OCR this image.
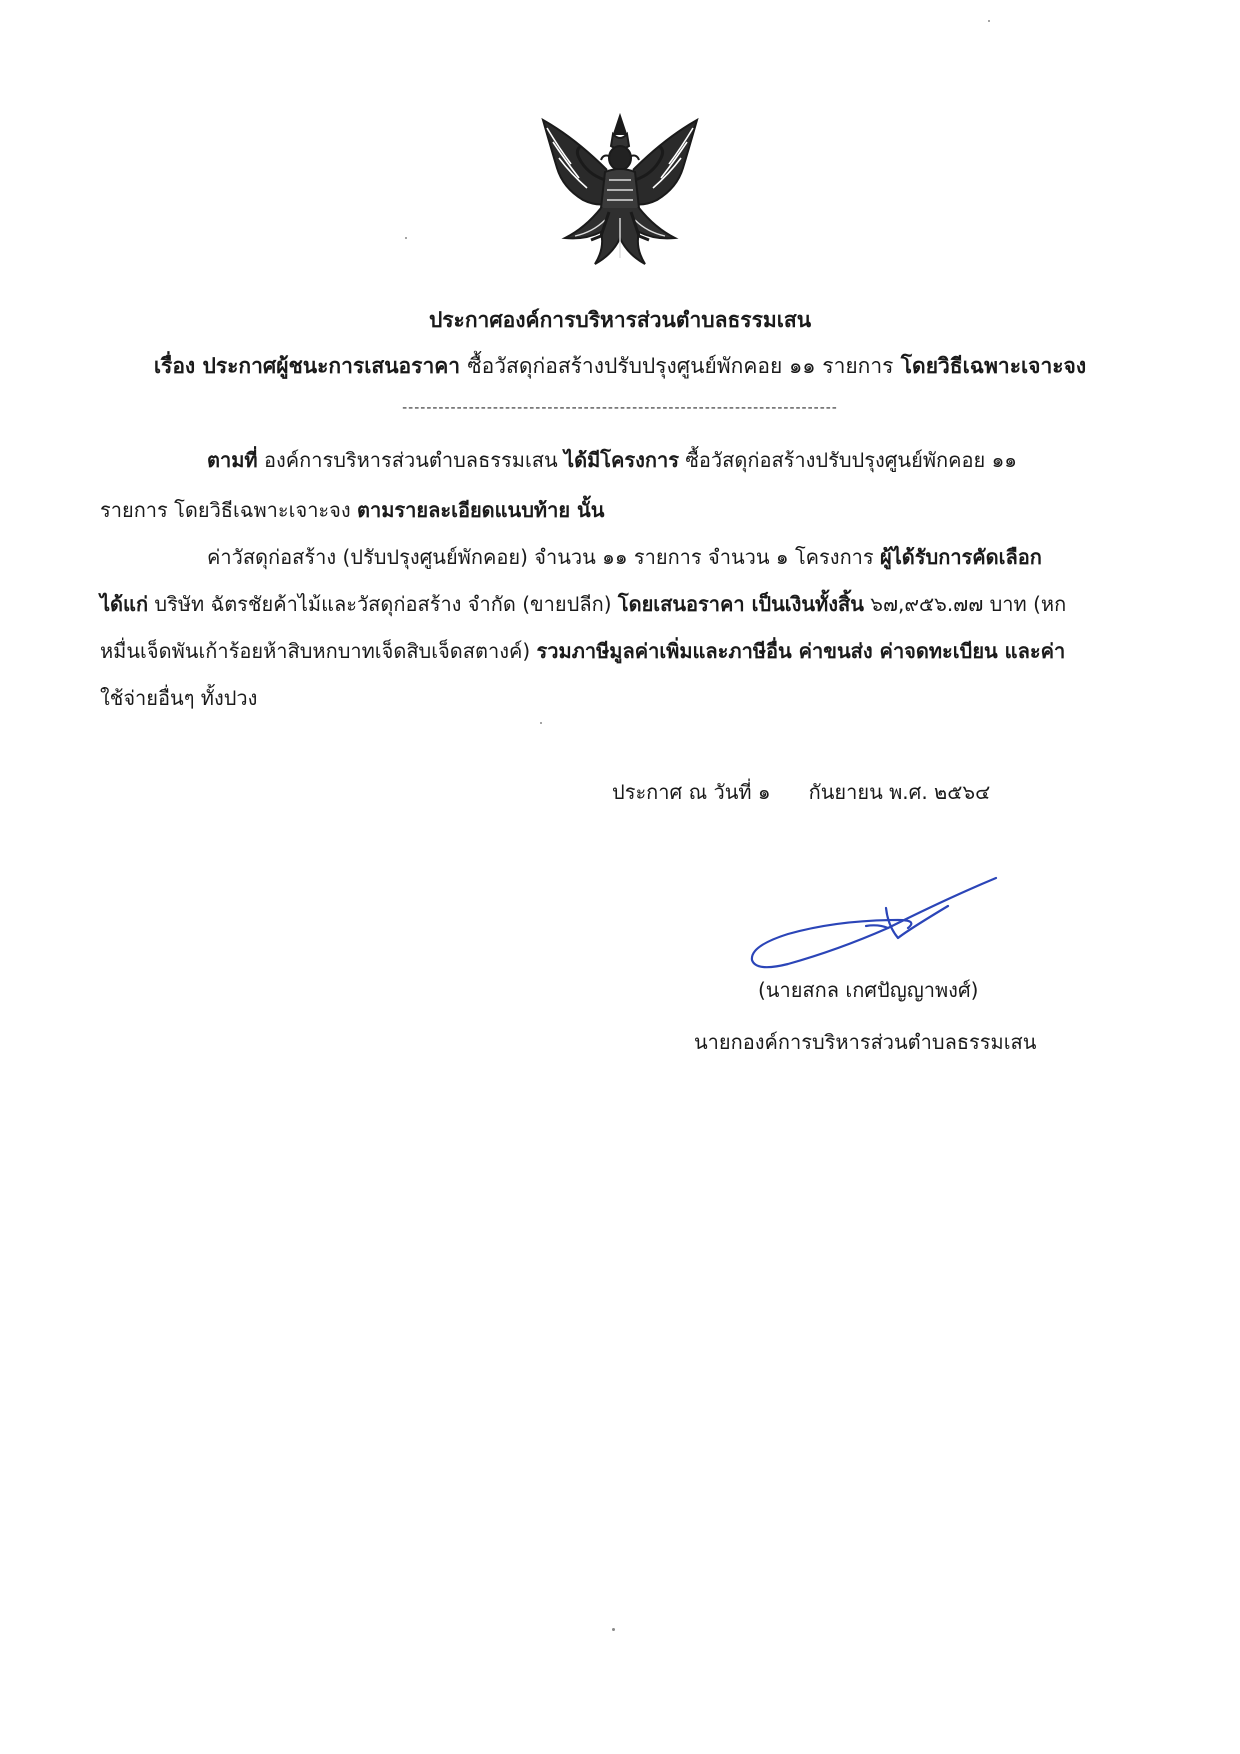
ประกาศองค์การบริหารส่วนตำบลธรรมเสน
เรื่อง ประกาศผู้ชนะการเสนอราคา ซื้อวัสดุก่อสร้างปรับปรุงศูนย์พักคอย ๑๑ รายการ โดยวิธีเฉพาะเจาะจง
------------------------------------------------------------------------
ตามที่ องค์การบริหารส่วนตำบลธรรมเสน ได้มีโครงการ ซื้อวัสดุก่อสร้างปรับปรุงศูนย์พักคอย ๑๑
รายการ โดยวิธีเฉพาะเจาะจง ตามรายละเอียดแนบท้าย นั้น
ค่าวัสดุก่อสร้าง (ปรับปรุงศูนย์พักคอย) จำนวน ๑๑ รายการ จำนวน ๑ โครงการ ผู้ได้รับการคัดเลือก
ได้แก่ บริษัท ฉัตรชัยค้าไม้และวัสดุก่อสร้าง จำกัด (ขายปลีก) โดยเสนอราคา เป็นเงินทั้งสิ้น ๖๗,๙๕๖.๗๗ บาท (หก
หมื่นเจ็ดพันเก้าร้อยห้าสิบหกบาทเจ็ดสิบเจ็ดสตางค์) รวมภาษีมูลค่าเพิ่มและภาษีอื่น ค่าขนส่ง ค่าจดทะเบียน และค่า
ใช้จ่ายอื่นๆ ทั้งปวง
ประกาศ ณ วันที่ ๑ กันยายน พ.ศ. ๒๕๖๔
(นายสกล เกศปัญญาพงศ์)
นายกองค์การบริหารส่วนตำบลธรรมเสน
